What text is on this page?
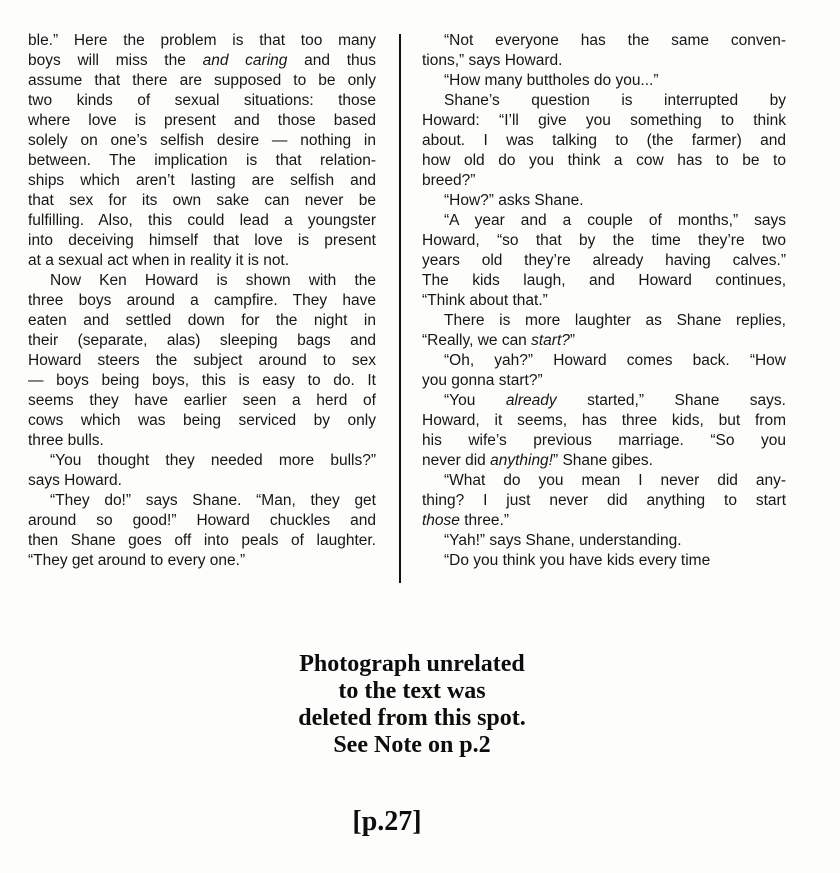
ble.” Here the problem is that too many
boys will miss the and caring and thus
assume that there are supposed to be only
two kinds of sexual situations: those
where love is present and those based
solely on one’s selfish desire — nothing in
between. The implication is that relation-
ships which aren’t lasting are selfish and
that sex for its own sake can never be
fulfilling. Also, this could lead a youngster
into deceiving himself that love is present
at a sexual act when in reality it is not.
Now Ken Howard is shown with the
three boys around a campfire. They have
eaten and settled down for the night in
their (separate, alas) sleeping bags and
Howard steers the subject around to sex
— boys being boys, this is easy to do. It
seems they have earlier seen a herd of
cows which was being serviced by only
three bulls.
“You thought they needed more bulls?”
says Howard.
“They do!” says Shane. “Man, they get
around so good!” Howard chuckles and
then Shane goes off into peals of laughter.
“They get around to every one.”
“Not everyone has the same conven-
tions,” says Howard.
“How many buttholes do you...”
Shane’s question is interrupted by
Howard: “I’ll give you something to think
about. I was talking to (the farmer) and
how old do you think a cow has to be to
breed?”
“How?” asks Shane.
“A year and a couple of months,” says
Howard, “so that by the time they’re two
years old they’re already having calves.”
The kids laugh, and Howard continues,
“Think about that.”
There is more laughter as Shane replies,
“Really, we can start?”
“Oh, yah?” Howard comes back. “How
you gonna start?”
“You already started,” Shane says.
Howard, it seems, has three kids, but from
his wife’s previous marriage. “So you
never did anything!” Shane gibes.
“What do you mean I never did any-
thing? I just never did anything to start
those three.”
“Yah!” says Shane, understanding.
“Do you think you have kids every time
Photograph unrelated
to the text was
deleted from this spot.
See Note on p.2
[p.27]
